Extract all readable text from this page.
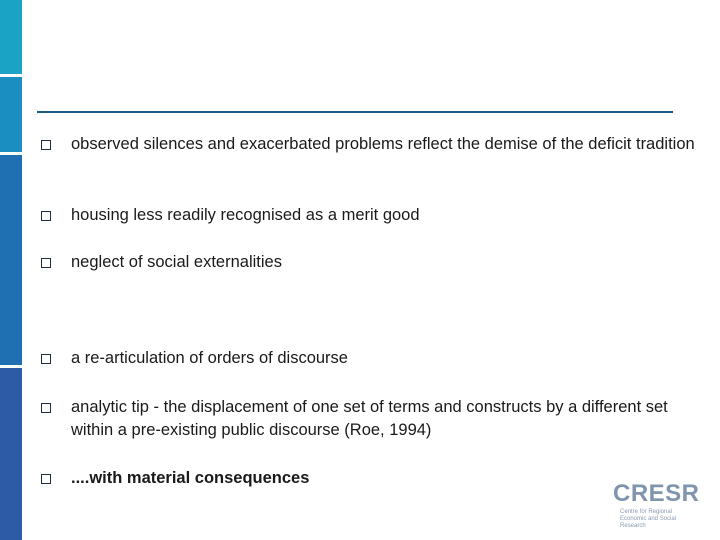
observed silences and exacerbated problems reflect the demise of the deficit tradition
housing less readily recognised as a merit good
neglect of social externalities
a re-articulation of orders of discourse
analytic tip - the displacement of one set of terms and constructs by a different set within a pre-existing public discourse (Roe, 1994)
....with material consequences
CRESR
Centre for Regional Economic and Social Research
